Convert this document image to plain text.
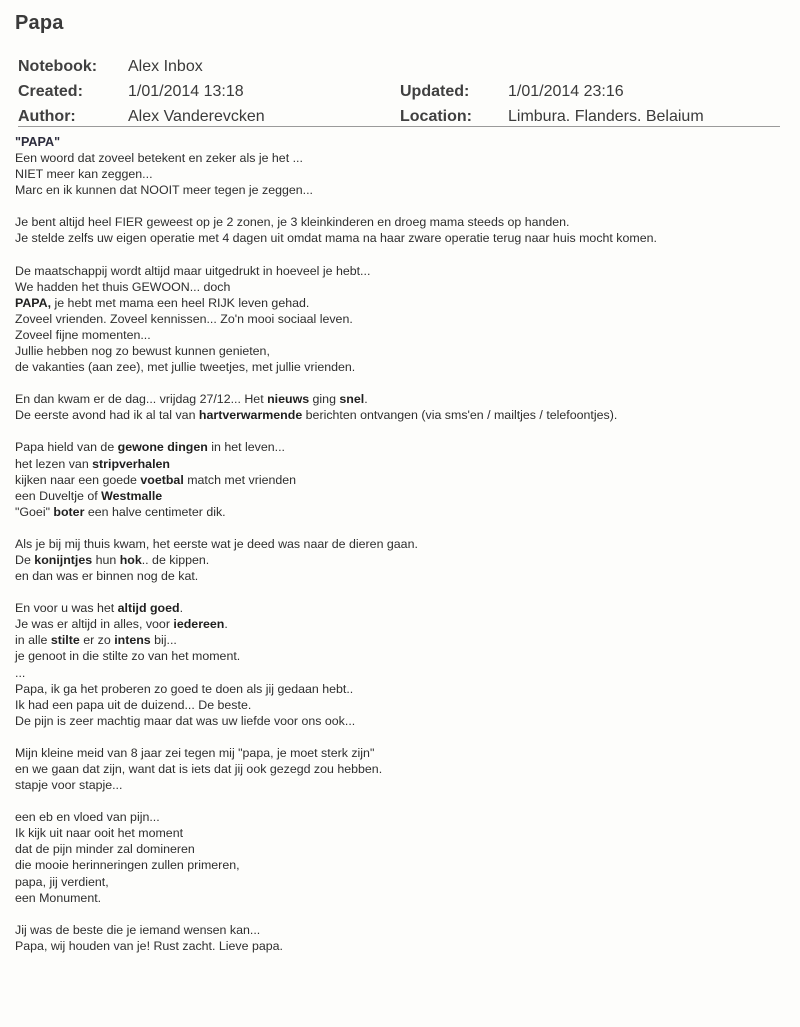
Papa
Notebook: Alex Inbox
Created:	1/01/2014 13:18	Updated: 1/01/2014 23:16
Author:	Alex Vanderevcken	Location: Limbura. Flanders. Belaium
"PAPA"
Een woord dat zoveel betekent en zeker als je het ...
NIET meer kan zeggen...
Marc en ik kunnen dat NOOIT meer tegen je zeggen...
Je bent altijd heel FIER geweest op je 2 zonen, je 3 kleinkinderen en droeg mama steeds op handen.
Je stelde zelfs uw eigen operatie met 4 dagen uit omdat mama na haar zware operatie terug naar huis mocht komen.
De maatschappij wordt altijd maar uitgedrukt in hoeveel je hebt...
We hadden het thuis GEWOON... doch
PAPA, je hebt met mama een heel RIJK leven gehad.
Zoveel vrienden. Zoveel kennissen... Zo'n mooi sociaal leven.
Zoveel fijne momenten...
Jullie hebben nog zo bewust kunnen genieten,
de vakanties (aan zee), met jullie tweetjes, met jullie vrienden.
En dan kwam er de dag... vrijdag 27/12... Het nieuws ging snel.
De eerste avond had ik al tal van hartverwarmende berichten ontvangen (via sms'en / mailtjes / telefoontjes).
Papa hield van de gewone dingen in het leven...
het lezen van stripverhalen
kijken naar een goede voetbal match met vrienden
een Duveltje of Westmalle
"Goei" boter een halve centimeter dik.
Als je bij mij thuis kwam, het eerste wat je deed was naar de dieren gaan.
De konijntjes hun hok.. de kippen.
en dan was er binnen nog de kat.
En voor u was het altijd goed.
Je was er altijd in alles, voor iedereen.
in alle stilte er zo intens bij...
je genoot in die stilte zo van het moment.
...
Papa, ik ga het proberen zo goed te doen als jij gedaan hebt..
Ik had een papa uit de duizend... De beste.
De pijn is zeer machtig maar dat was uw liefde voor ons ook...
Mijn kleine meid van 8 jaar zei tegen mij "papa, je moet sterk zijn"
en we gaan dat zijn, want dat is iets dat jij ook gezegd zou hebben.
stapje voor stapje...
een eb en vloed van pijn...
Ik kijk uit naar ooit het moment
dat de pijn minder zal domineren
die mooie herinneringen zullen primeren,
papa, jij verdient,
een Monument.
Jij was de beste die je iemand wensen kan...
Papa, wij houden van je! Rust zacht. Lieve papa.
